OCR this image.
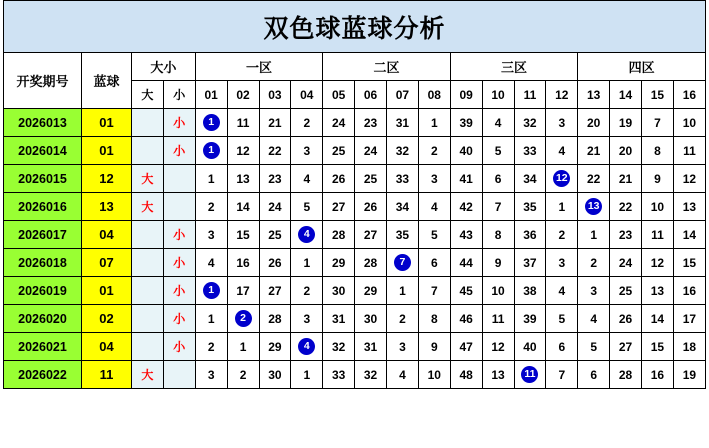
双色球蓝球分析
开奖期号	蓝球	大小		一区				二区				三区				四区			
		大	小	01	02	03	04	05	06	07	08	09	10	11	12	13	14	15	16
2026013	01		小	1	11	21	2	24	23	31	1	39	4	32	3	20	19	7	10
2026014	01		小	1	12	22	3	25	24	32	2	40	5	33	4	21	20	8	11
2026015	12	大		1	13	23	4	26	25	33	3	41	6	34	12	22	21	9	12
2026016	13	大		2	14	24	5	27	26	34	4	42	7	35	1	13	22	10	13
2026017	04		小	3	15	25	4	28	27	35	5	43	8	36	2	1	23	11	14
2026018	07		小	4	16	26	1	29	28	7	6	44	9	37	3	2	24	12	15
2026019	01		小	1	17	27	2	30	29	1	7	45	10	38	4	3	25	13	16
2026020	02		小	1	2	28	3	31	30	2	8	46	11	39	5	4	26	14	17
2026021	04		小	2	1	29	4	32	31	3	9	47	12	40	6	5	27	15	18
2026022	11	大		3	2	30	1	33	32	4	10	48	13	11	7	6	28	16	19
